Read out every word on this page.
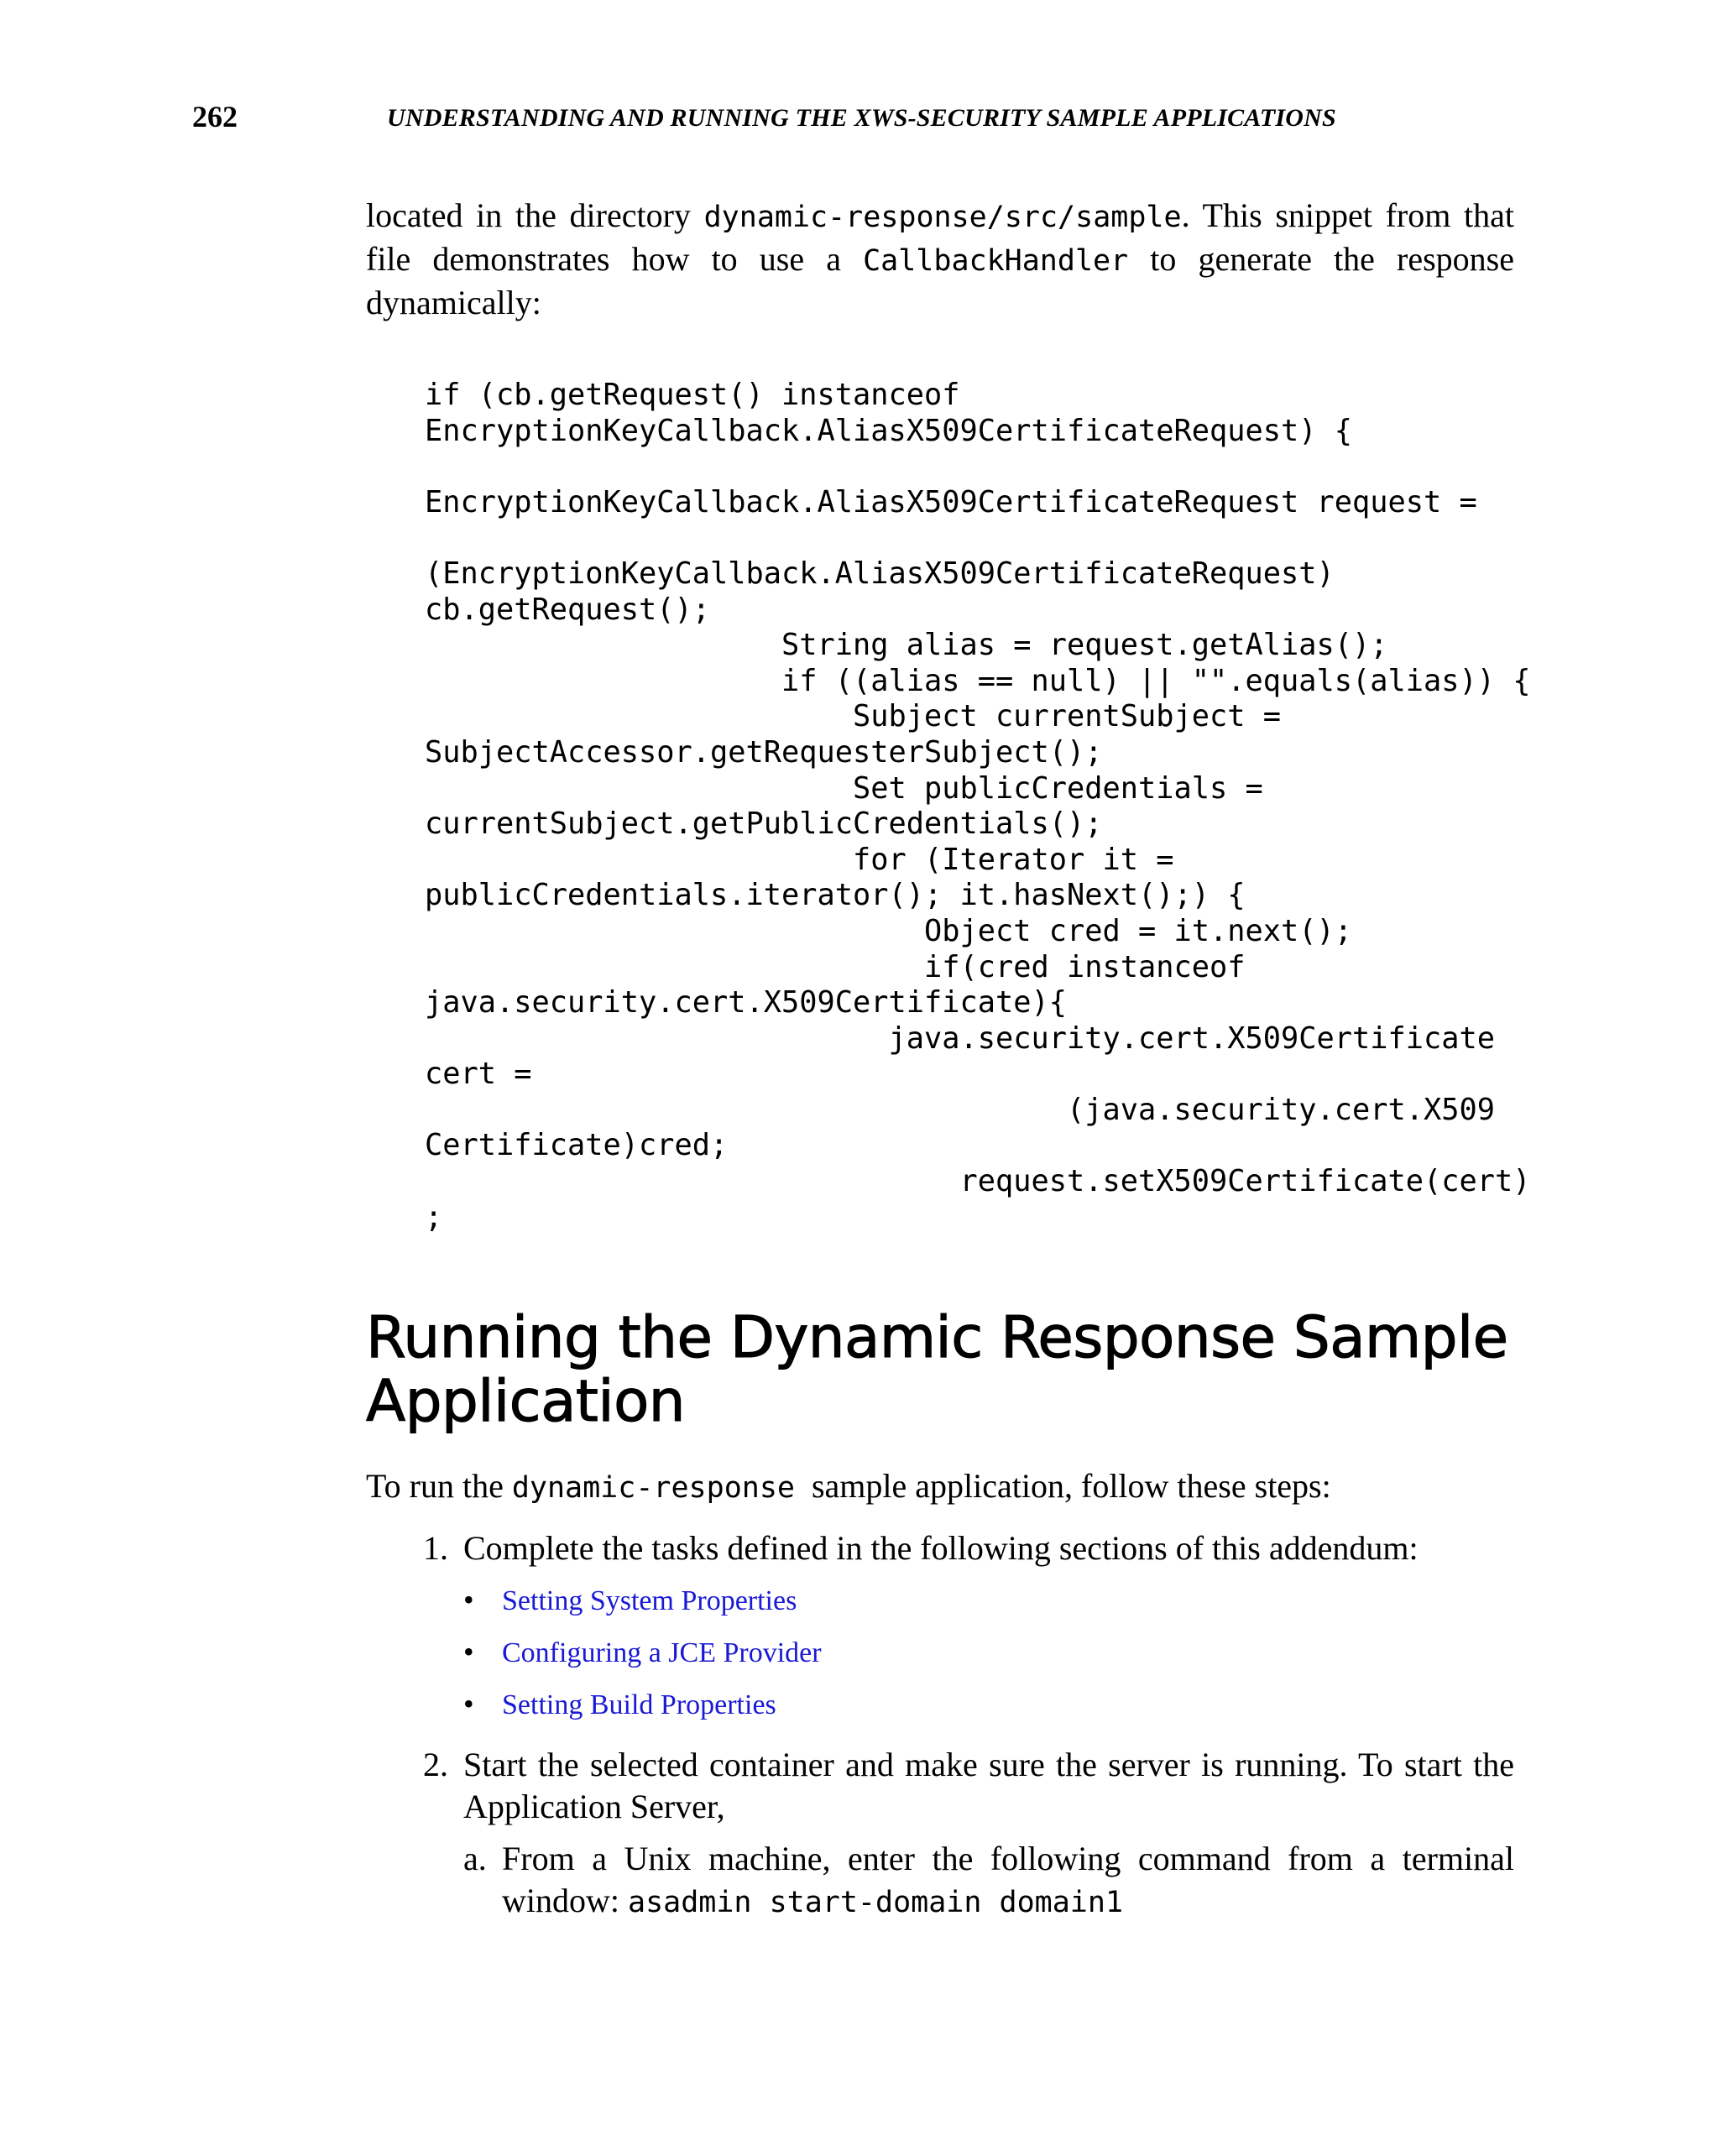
262	UNDERSTANDING AND RUNNING THE XWS-SECURITY SAMPLE APPLICATIONS

located in the directory dynamic-response/src/sample. This snippet from that file demonstrates how to use a CallbackHandler to generate the response dynamically:

if (cb.getRequest() instanceof
EncryptionKeyCallback.AliasX509CertificateRequest) {

EncryptionKeyCallback.AliasX509CertificateRequest request =

(EncryptionKeyCallback.AliasX509CertificateRequest)
cb.getRequest();
String alias = request.getAlias();
if ((alias == null) || "".equals(alias)) {
Subject currentSubject =
SubjectAccessor.getRequesterSubject();
Set publicCredentials =
currentSubject.getPublicCredentials();
for (Iterator it =
publicCredentials.iterator(); it.hasNext();) {
Object cred = it.next();
if(cred instanceof
java.security.cert.X509Certificate){
java.security.cert.X509Certificate
cert =
(java.security.cert.X509
Certificate)cred;
request.setX509Certificate(cert)
;
Running the Dynamic Response Sample Application

To run the dynamic-response  sample application, follow these steps:

1. Complete the tasks defined in the following sections of this addendum:
• Setting System Properties
• Configuring a JCE Provider
• Setting Build Properties
2. Start the selected container and make sure the server is running. To start the Application Server,
a. From a Unix machine, enter the following command from a terminal window: asadmin start-domain domain1
